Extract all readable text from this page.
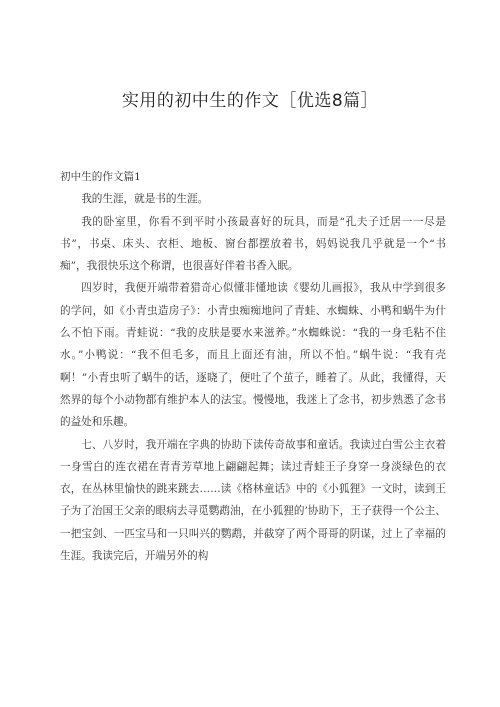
实用的初中生的作文［优选8篇］

初中生的作文篇1

我的生涯，就是书的生涯。

我的卧室里，你看不到平时小孩最喜好的玩具，而是“孔夫子迁居一一尽是书”，书桌、床头、衣柜、地板、窗台都摆放着书，妈妈说我几乎就是一个“书痴”，我很快乐这个称谓，也很喜好伴着书香入眠。

四岁时，我便开端带着猎奇心似懂非懂地读《婴幼儿画报》，我从中学到很多的学问，如《小青虫造房子》：小青虫痴痴地问了青蛙、水蜘蛛、小鸭和蜗牛为什么不怕下雨。青蛙说：“我的皮肤是要水来滋养。”水蜘蛛说：“我的一身毛粘不住水。”小鸭说：“我不但毛多，而且上面还有油，所以不怕。”蜗牛说：“我有壳啊！”小青虫听了蜗牛的话，逐晓了，便吐了个茧子，睡着了。从此，我懂得，天然界的每个小动物都有维护本人的法宝。慢慢地，我迷上了念书，初步熟悉了念书的益处和乐趣。

七、八岁时，我开端在字典的协助下读传奇故事和童话。我读过白雪公主衣着一身雪白的连衣裙在青青芳草地上翩翩起舞；读过青蛙王子身穿一身淡绿色的衣衣，在丛林里愉快的跳来跳去……读《格林童话》中的《小狐狸》一文时，读到王子为了治国王父亲的眼病去寻觅鹦鹉油，在小狐狸的’协助下，王子获得一个公主、一把宝剑、一匹宝马和一只叫兴的鹦鹉，并截穿了两个哥哥的阴谋，过上了幸福的生涯。我读完后，开端另外的构
